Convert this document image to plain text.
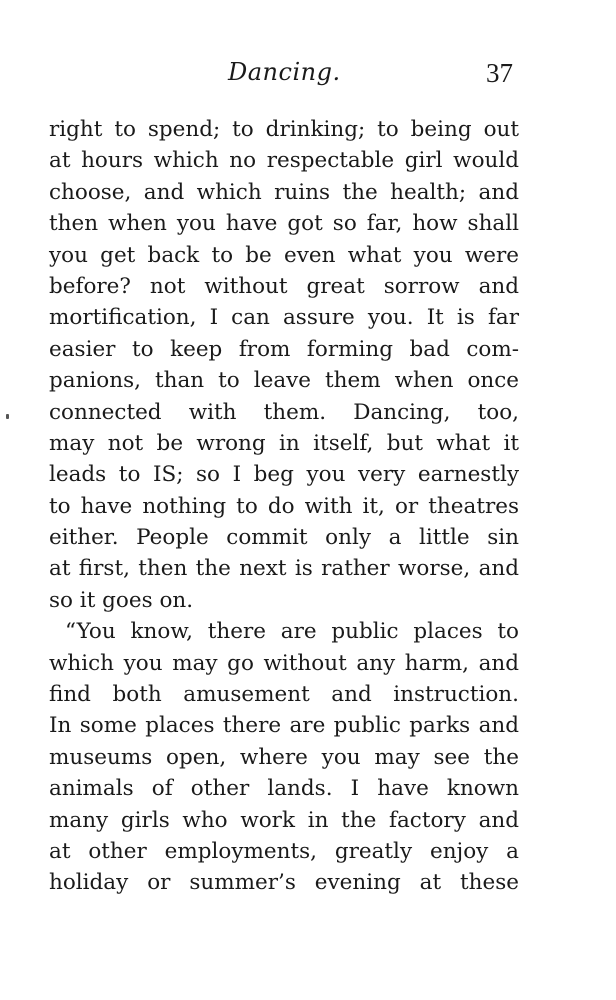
Dancing.	37
right to spend; to drinking; to being out
at hours which no respectable girl would
choose, and which ruins the health; and
then when you have got so far, how shall
you get back to be even what you were
before? not without great sorrow and
mortification, I can assure you. It is far
easier to keep from forming bad com-
panions, than to leave them when once
connected with them. Dancing, too,
may not be wrong in itself, but what it
leads to IS; so I beg you very earnestly
to have nothing to do with it, or theatres
either. People commit only a little sin
at first, then the next is rather worse, and
so it goes on.
“You know, there are public places to
which you may go without any harm, and
find both amusement and instruction.
In some places there are public parks and
museums open, where you may see the
animals of other lands. I have known
many girls who work in the factory and
at other employments, greatly enjoy a
holiday or summer’s evening at these
